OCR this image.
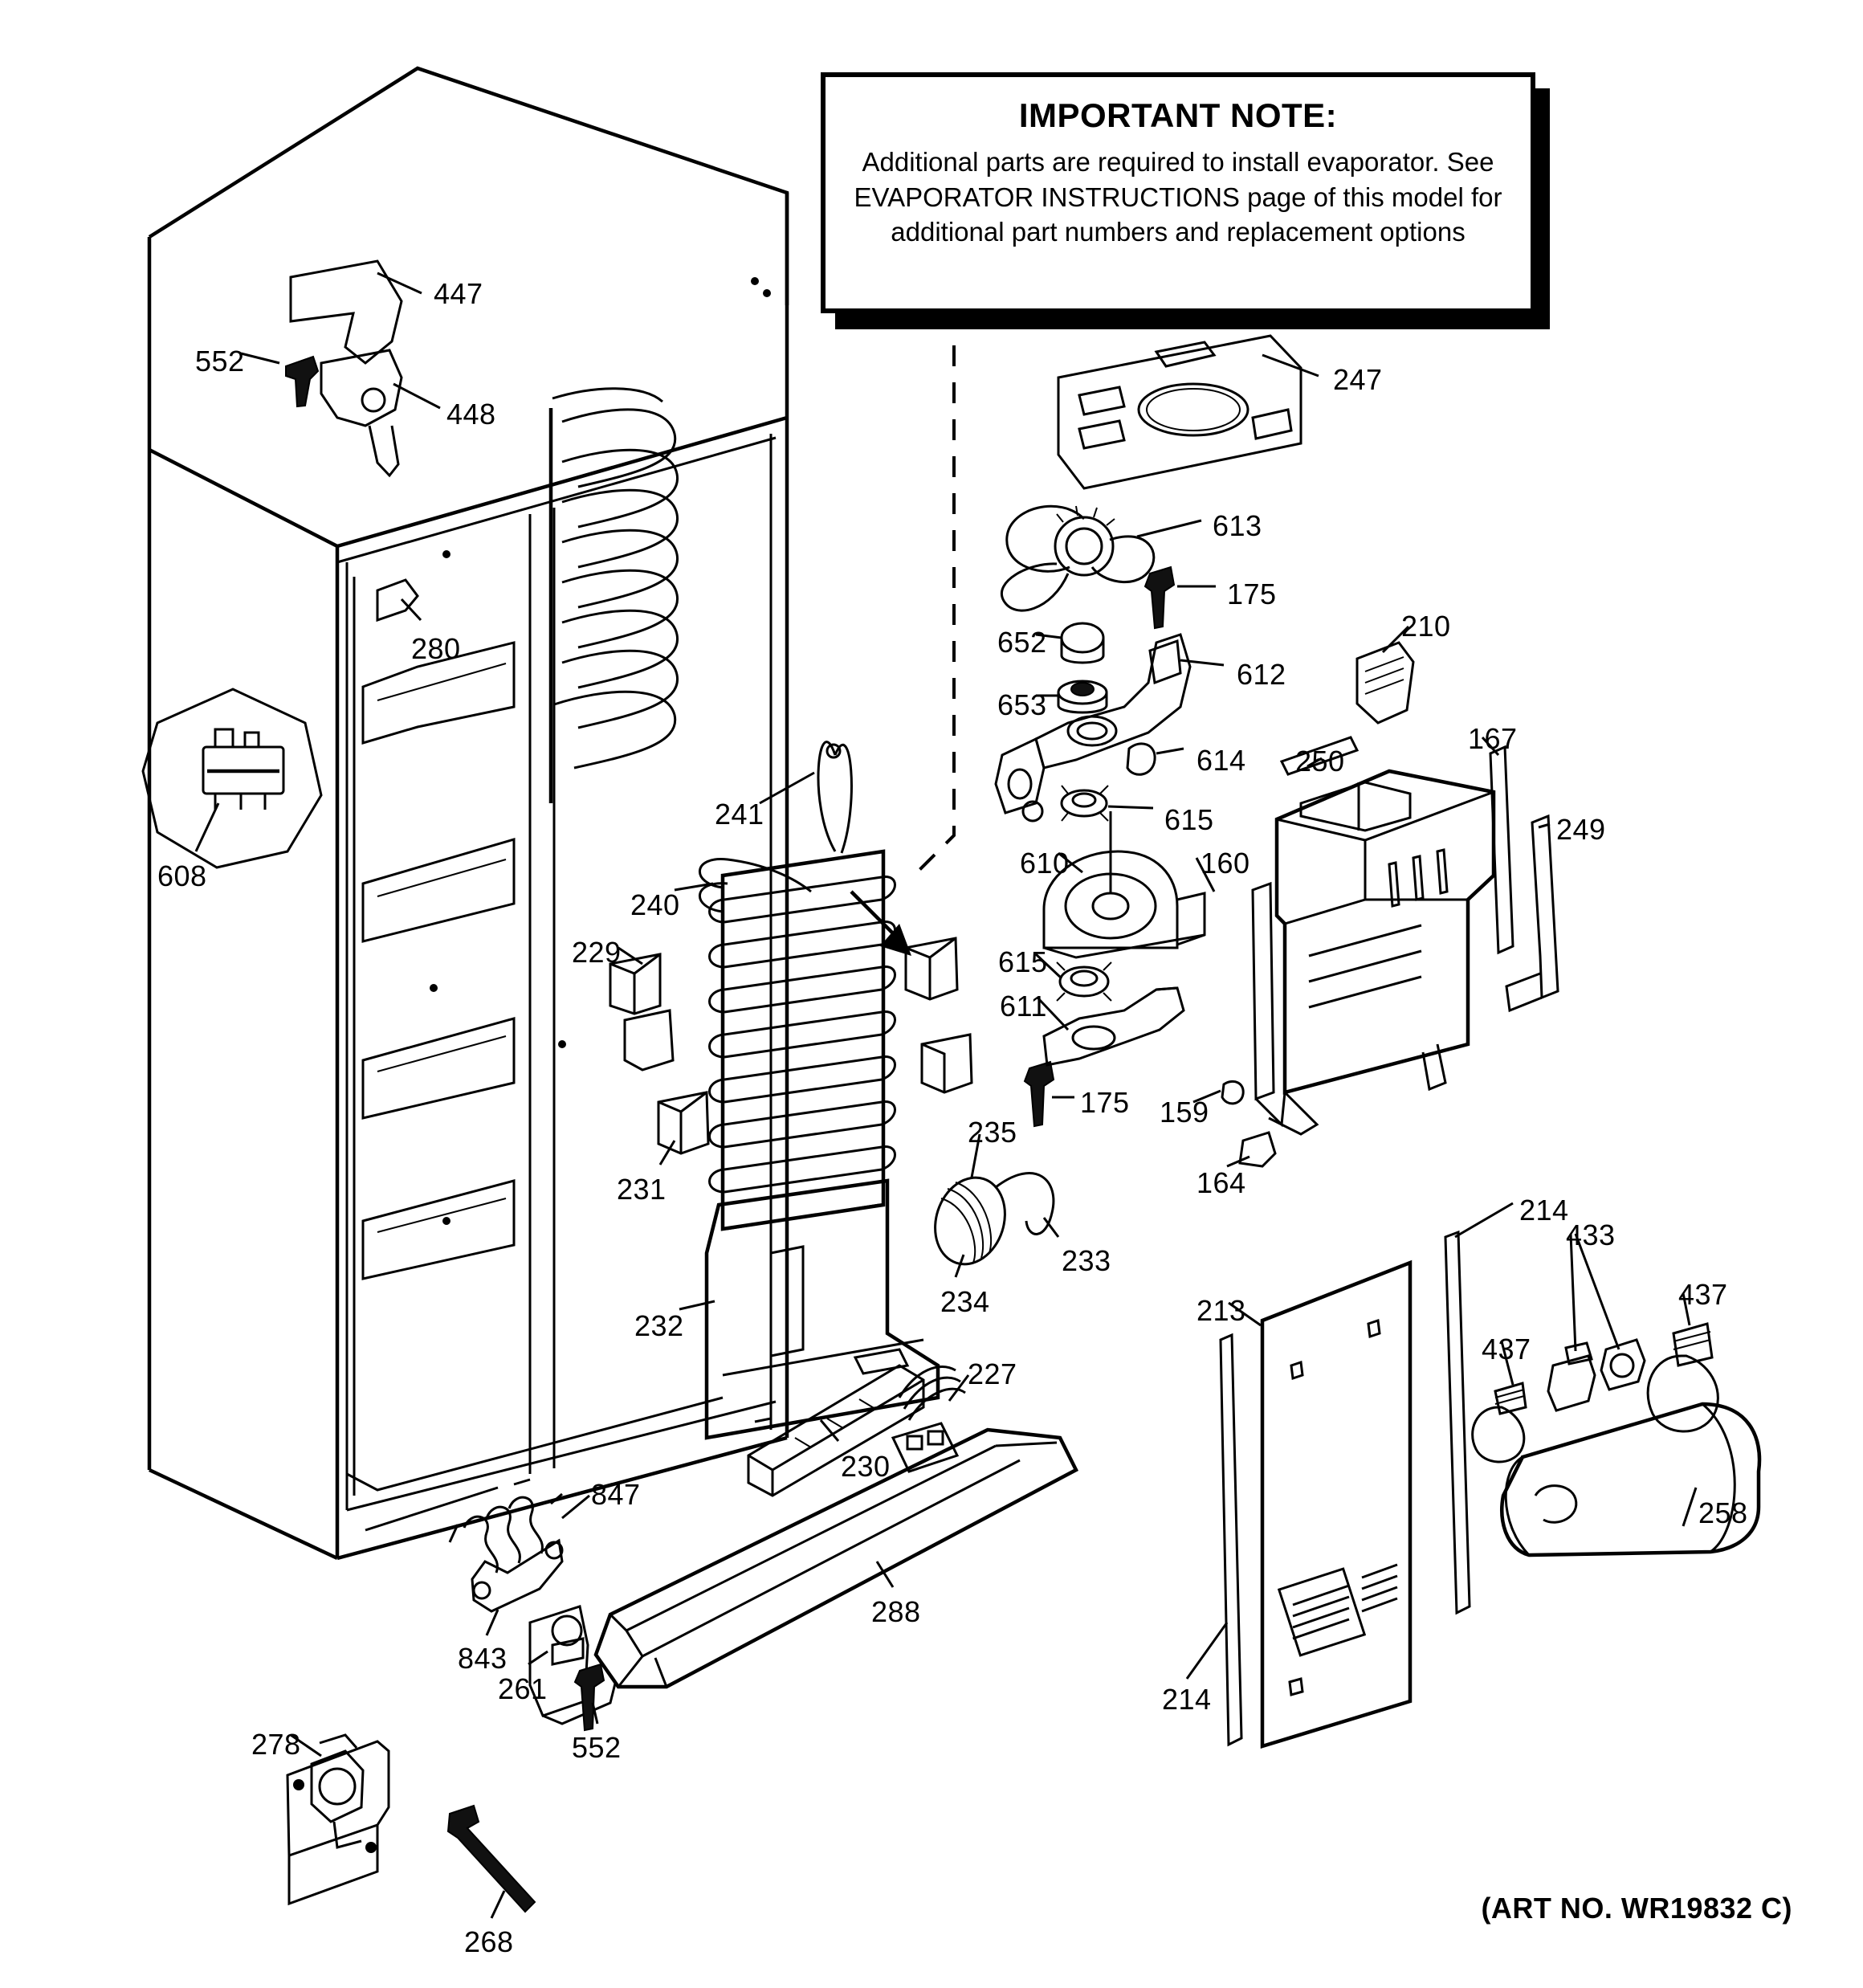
IMPORTANT NOTE:
Additional parts are required to install evaporator. See EVAPORATOR INSTRUCTIONS page of this model for additional part numbers and replacement options
447
552
448
280
608
241
240
229
231
232
230
227
235
233
234
288
847
843
261
552
278
268
247
613
175
652
612
653
614
615
610	160
615
611
175 159
164
210
250
167
249
213
214
214
433
437
437
258
(ART NO. WR19832 C)
